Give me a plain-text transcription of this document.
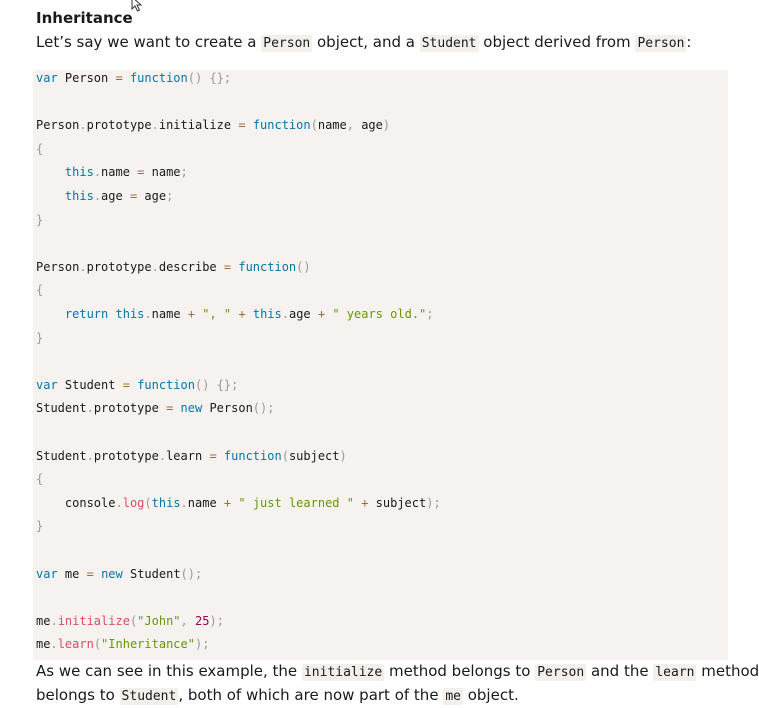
Inheritance
Let’s say we want to create a Person object, and a Student object derived from Person :
var Person = function() {};
Person.prototype.initialize = function(name, age)
{
this.name = name;
this.age = age;
}
Person.prototype.describe = function()
{
return this.name + ", " + this.age + " years old.";
}
var Student = function() {};
Student.prototype = new Person();
Student.prototype.learn = function(subject)
{
console.log(this.name + " just learned " + subject);
}
var me = new Student();
me.initialize("John", 25);
me.learn("Inheritance");
As we can see in this example, the initialize method belongs to Person and the learn method
belongs to Student , both of which are now part of the me object.
